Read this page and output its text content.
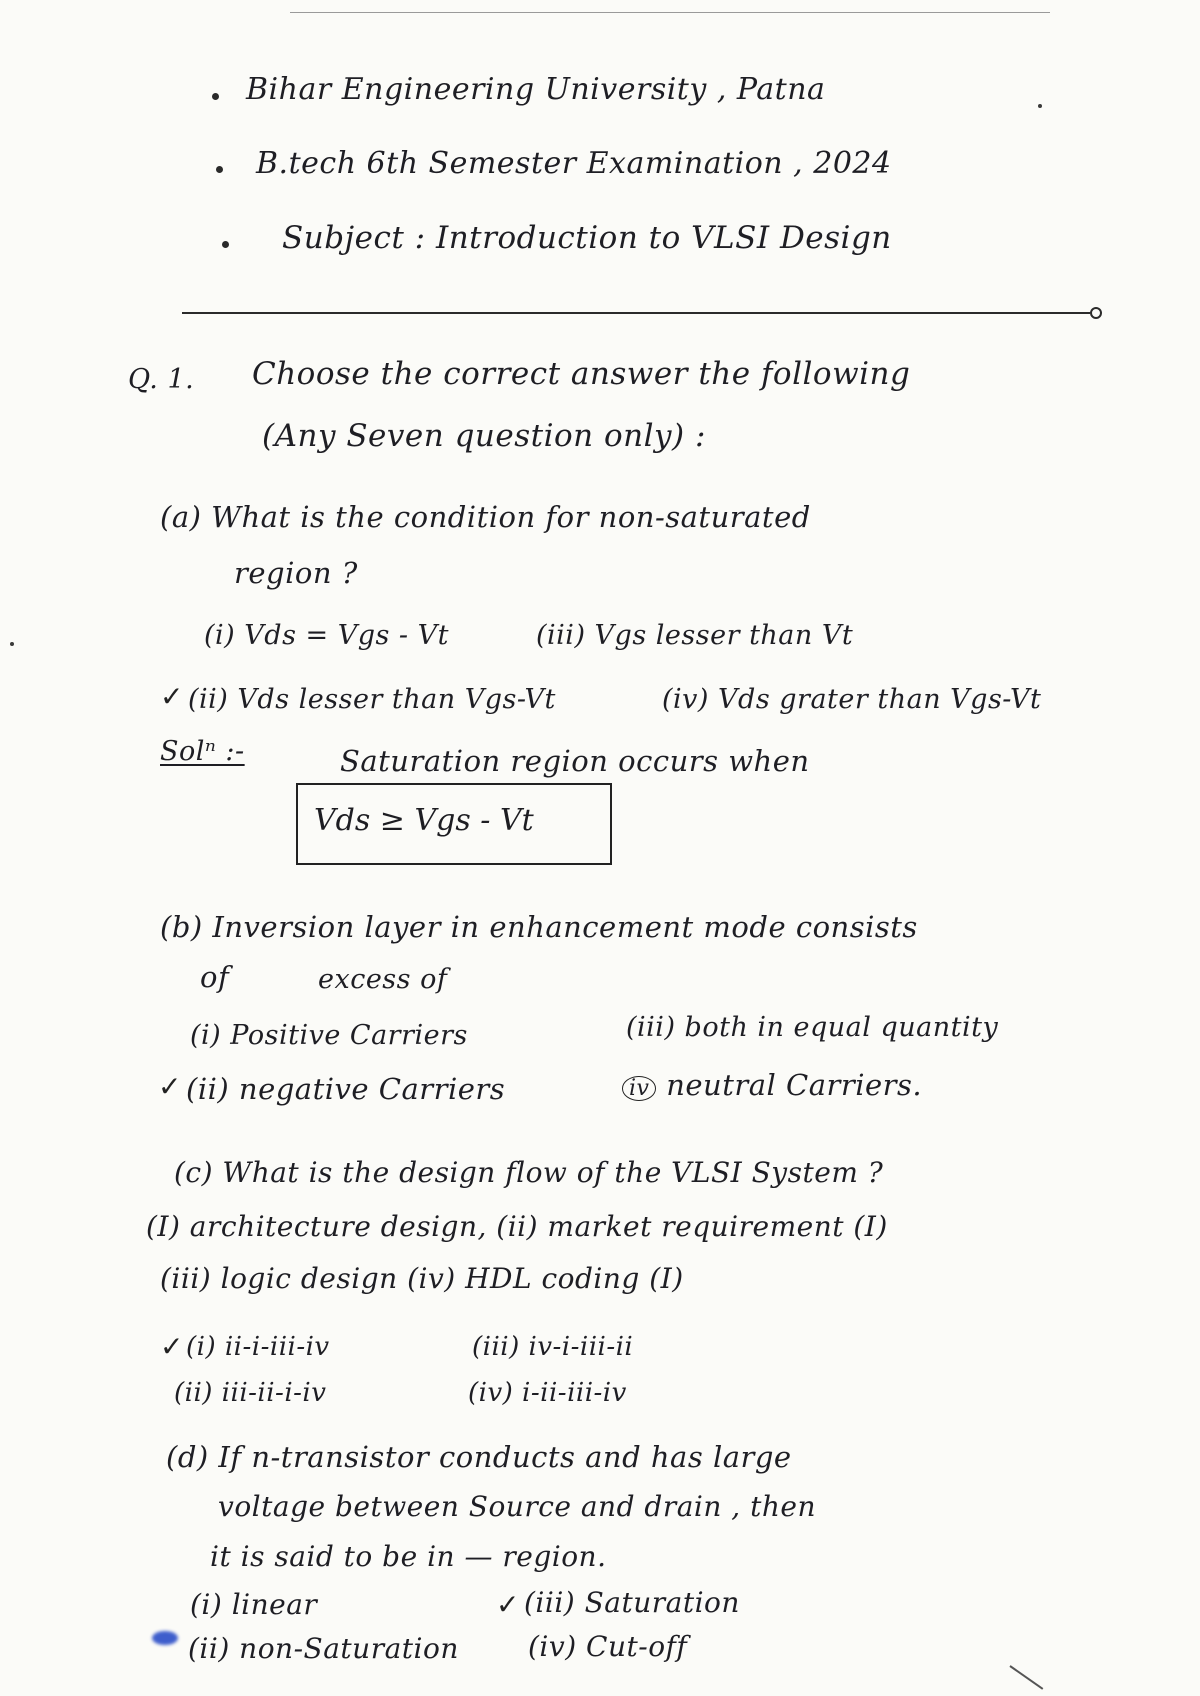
Bihar Engineering University , Patna
B.tech 6th Semester Examination , 2024
Subject : Introduction to VLSI Design
Q. 1. Choose the correct answer the following
(Any Seven question only) :
(a) What is the condition for non-saturated
region ?
(i) Vds = Vgs - Vt	(iii) Vgs lesser than Vt
✓ (ii) Vds lesser than Vgs-Vt	(iv) Vds grater than Vgs-Vt
Solⁿ :-	Saturation region occurs when
Vds ≥ Vgs - Vt
(b) Inversion layer in enhancement mode consists
of	excess of
(i) Positive Carriers	(iii) both in equal quantity
✓ (ii) negative Carriers	iv neutral Carriers.
(c) What is the design flow of the VLSI System ?
(I) architecture design, (ii) market requirement (I)
(iii) logic design (iv) HDL coding (I)
✓ (i) ii-i-iii-iv	(iii) iv-i-iii-ii
(ii) iii-ii-i-iv	(iv) i-ii-iii-iv
(d) If n-transistor conducts and has large
voltage between Source and drain , then
it is said to be in — region.
(i) linear	✓ (iii) Saturation
(ii) non-Saturation (iv) Cut-off
